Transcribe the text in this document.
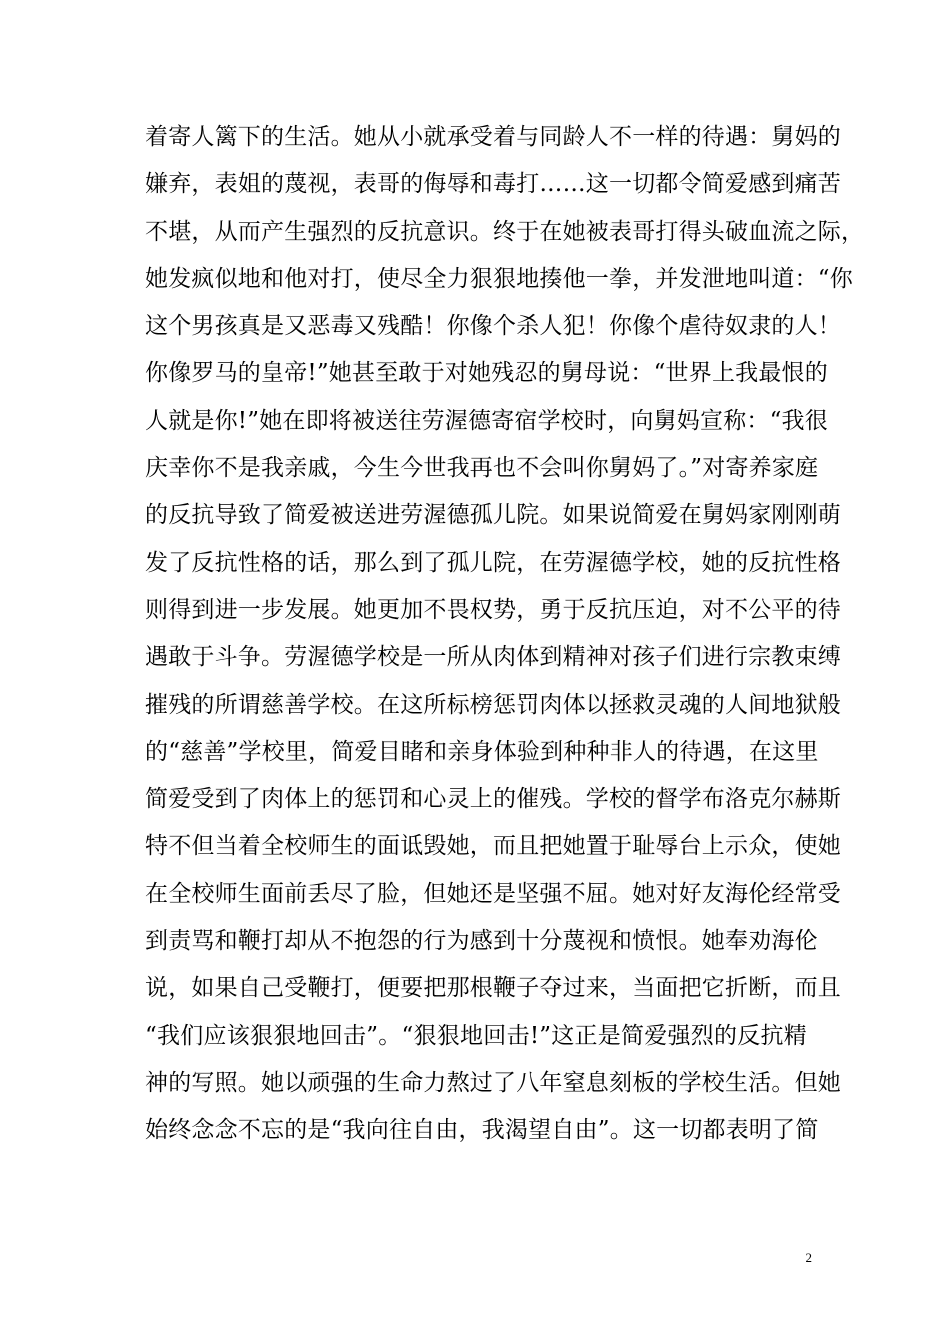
着寄人篱下的生活。她从小就承受着与同龄人不一样的待遇：舅妈的
嫌弃，表姐的蔑视，表哥的侮辱和毒打……这一切都令简爱感到痛苦
不堪，从而产生强烈的反抗意识。终于在她被表哥打得头破血流之际，
她发疯似地和他对打，使尽全力狠狠地揍他一拳，并发泄地叫道：“你
这个男孩真是又恶毒又残酷！你像个杀人犯！你像个虐待奴隶的人！
你像罗马的皇帝!”她甚至敢于对她残忍的舅母说：“世界上我最恨的
人就是你!”她在即将被送往劳渥德寄宿学校时，向舅妈宣称：“我很
庆幸你不是我亲戚，今生今世我再也不会叫你舅妈了。”对寄养家庭
的反抗导致了简爱被送进劳渥德孤儿院。如果说简爱在舅妈家刚刚萌
发了反抗性格的话，那么到了孤儿院，在劳渥德学校，她的反抗性格
则得到进一步发展。她更加不畏权势，勇于反抗压迫，对不公平的待
遇敢于斗争。劳渥德学校是一所从肉体到精神对孩子们进行宗教束缚
摧残的所谓慈善学校。在这所标榜惩罚肉体以拯救灵魂的人间地狱般
的“慈善”学校里，简爱目睹和亲身体验到种种非人的待遇，在这里
简爱受到了肉体上的惩罚和心灵上的催残。学校的督学布洛克尔赫斯
特不但当着全校师生的面诋毁她，而且把她置于耻辱台上示众，使她
在全校师生面前丢尽了脸，但她还是坚强不屈。她对好友海伦经常受
到责骂和鞭打却从不抱怨的行为感到十分蔑视和愤恨。她奉劝海伦
说，如果自己受鞭打，便要把那根鞭子夺过来，当面把它折断，而且
“我们应该狠狠地回击”。“狠狠地回击!”这正是简爱强烈的反抗精
神的写照。她以顽强的生命力熬过了八年窒息刻板的学校生活。但她
始终念念不忘的是“我向往自由，我渴望自由”。这一切都表明了简
2
